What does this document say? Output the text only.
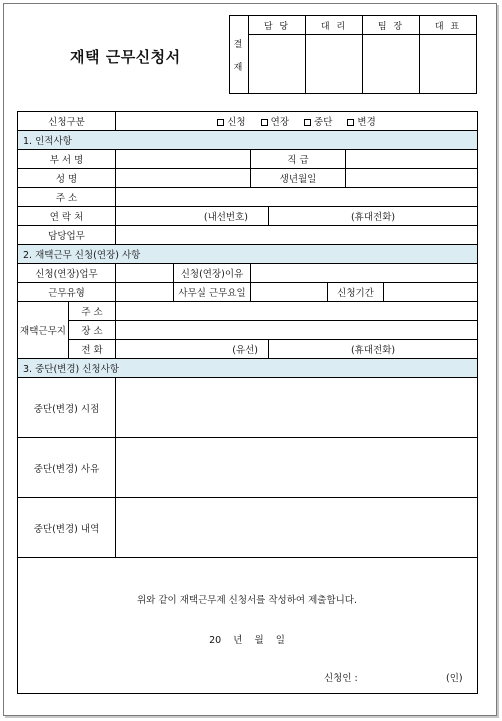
재택 근무신청서
결

재	담 당	대 리	팀 장	대 표

신청구분		신청 연장 중단 변경						
1. 인적사항								
부 서 명				직 급				
성 명				생년월일				
주 소								
연 락 처		(내선번호)			(휴대전화)			
담당업무								
2. 재택근무 신청(연장) 사항								
신청(연장)업무			신청(연장)이유					
근무유형			사무실 근무요일			신청기간		
재택근무지	주 소							
	장 소							
	전 화	(유선)			(휴대전화)			
3. 중단(변경) 신청사항								
중단(변경) 시점								
중단(변경) 사유								
중단(변경) 내역								

위와 같이 재택근무제 신청서를 작성하여 제출합니다.
20    년    월    일
신청인 :	(인)
